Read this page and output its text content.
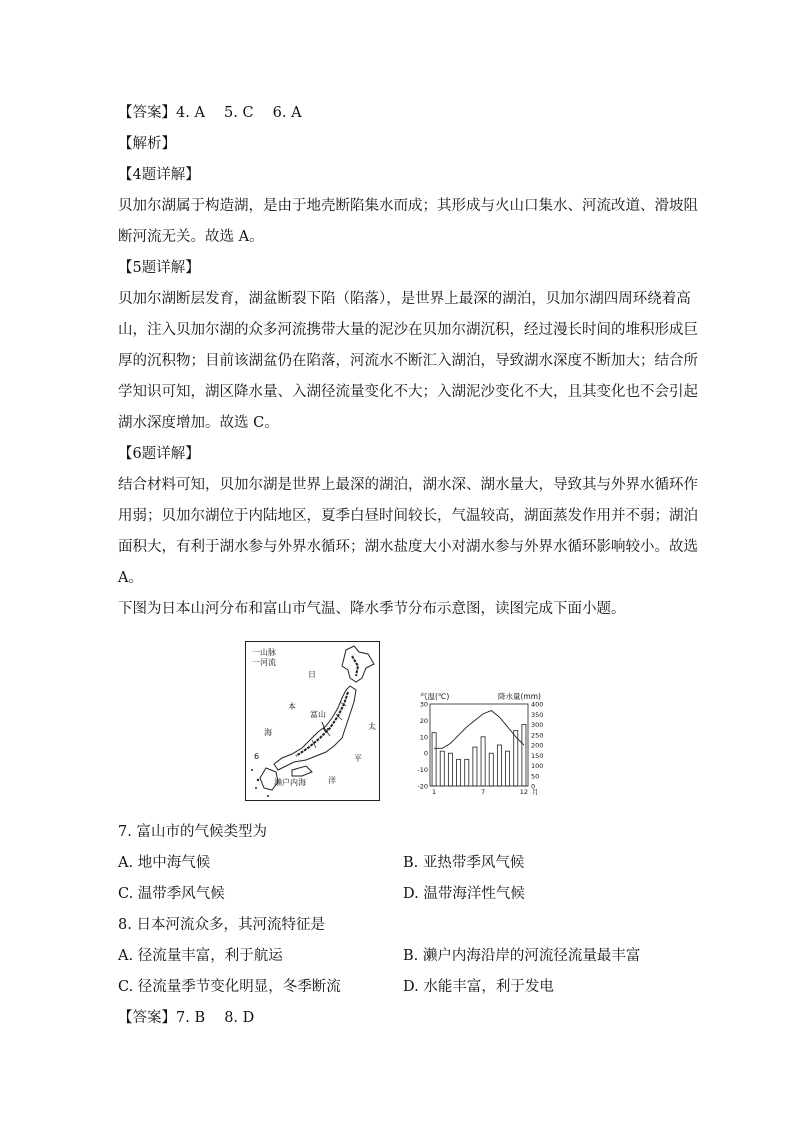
【答案】4. A　 5. C　 6. A
【解析】
【4题详解】
贝加尔湖属于构造湖，是由于地壳断陷集水而成；其形成与火山口集水、河流改道、滑坡阻
断河流无关。故选 A。
【5题详解】
贝加尔湖断层发育，湖盆断裂下陷（陷落），是世界上最深的湖泊，贝加尔湖四周环绕着高
山，注入贝加尔湖的众多河流携带大量的泥沙在贝加尔湖沉积，经过漫长时间的堆积形成巨
厚的沉积物；目前该湖盆仍在陷落，河流水不断汇入湖泊，导致湖水深度不断加大；结合所
学知识可知，湖区降水量、入湖径流量变化不大；入湖泥沙变化不大，且其变化也不会引起
湖水深度增加。故选 C。
【6题详解】
结合材料可知，贝加尔湖是世界上最深的湖泊，湖水深、湖水量大，导致其与外界水循环作
用弱；贝加尔湖位于内陆地区，夏季白昼时间较长，气温较高，湖面蒸发作用并不弱；湖泊
面积大，有利于湖水参与外界水循环；湖水盐度大小对湖水参与外界水循环影响较小。故选
A。
下图为日本山河分布和富山市气温、降水季节分布示意图，读图完成下面小题。
一山脉
一河流
日
本
富山
海
太
平
洋
濑户内海
6
气温(℃)	降水量(mm)
30
20
10
0
-10
-20
400
350
300
250
200
150
100
50
0
1	7	12 月
7. 富山市的气候类型为
A. 地中海气候	B. 亚热带季风气候
C. 温带季风气候	D. 温带海洋性气候
8. 日本河流众多，其河流特征是
A. 径流量丰富，利于航运	B. 濑户内海沿岸的河流径流量最丰富
C. 径流量季节变化明显，冬季断流	D. 水能丰富，利于发电
【答案】7. B　 8. D
